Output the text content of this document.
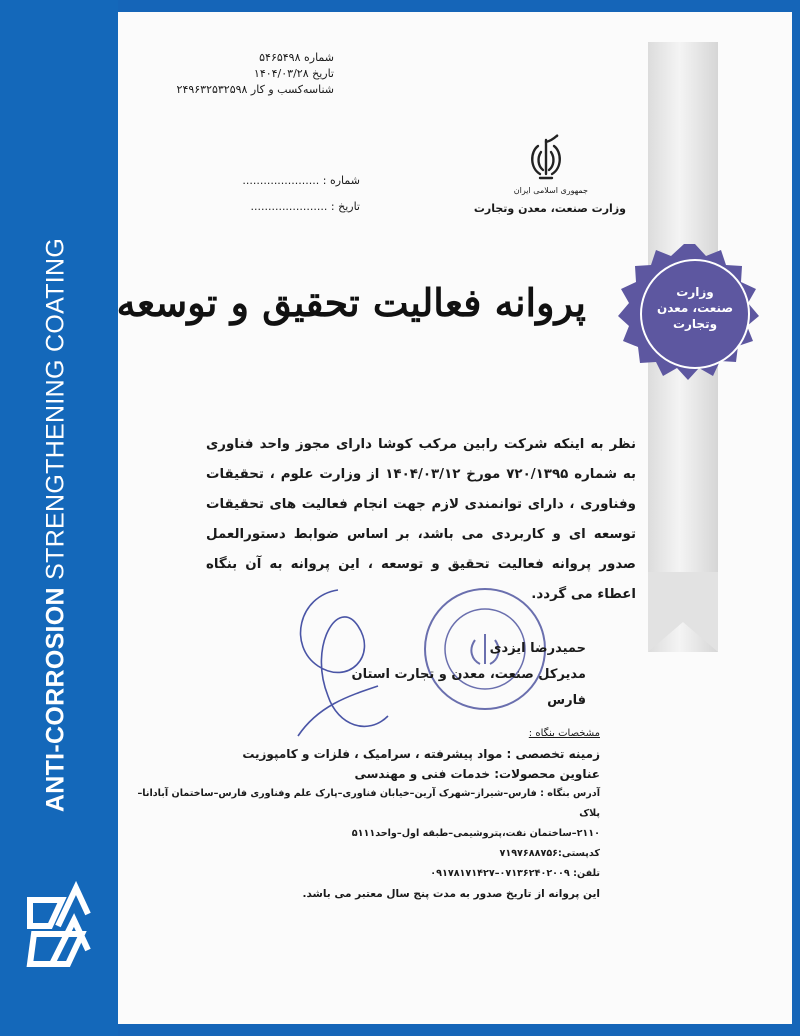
ANTI-CORROSION STRENGTHENING COATING	وزارت
صنعت، معدن
وتجارت
شماره ۵۴۶۵۴۹۸
تاریخ ۱۴۰۴/۰۳/۲۸
شناسه‌کسب و کار ۲۴۹۶۳۲۵۳۲۵۹۸
جمهوری اسلامی ایران
وزارت صنعت، معدن وتجارت
شماره : ......................
تاریخ : ......................
پروانه فعالیت تحقیق و توسعه
نظر به اینکه شرکت رابین مرکب کوشا دارای مجوز واحد فناوری به شماره ۷۲۰/۱۳۹۵ مورخ ۱۴۰۴/۰۳/۱۲ از وزارت علوم ، تحقیقات وفناوری ، دارای توانمندی لازم جهت انجام فعالیت های تحقیقات توسعه ای و کاربردی می باشد، بر اساس ضوابط دستورالعمل صدور پروانه فعالیت تحقیق و توسعه ، این پروانه به آن بنگاه اعطاء می گردد.
حمیدرضا ایزدی
مدیرکل صنعت، معدن و تجارت استان فارس
مشخصات بنگاه :
زمینه تخصصی : مواد پیشرفته ، سرامیک ، فلزات و کامپوزیت
عناوین محصولات: خدمات فنی و مهندسی
آدرس بنگاه : فارس–شیراز–شهرک آرین–خیابان فناوری–پارک علم وفناوری فارس–ساختمان آبادانا–پلاک
۲۱۱۰–ساختمان نفت،پتروشیمی–طبقه اول–واحد۵۱۱۱
کدپستی:۷۱۹۷۶۸۸۷۵۶
تلفن: ۰۷۱۳۶۲۴۰۲۰۰۹–۰۹۱۷۸۱۷۱۴۲۷
این پروانه از تاریخ صدور به مدت پنج سال معتبر می باشد.
